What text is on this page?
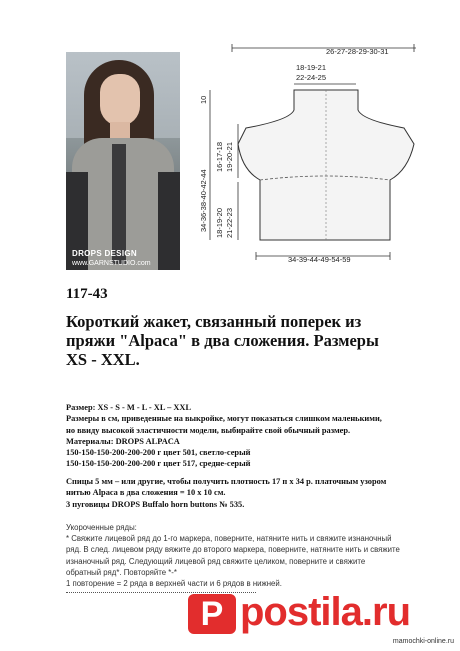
DROPS DESIGN
www.GARNSTUDIO.com
26-27-28-29-30-31
18-19-21
22-24-25
10
16-17-18 19-20-21
34-36-38-40-42-44 18-19-20 21-22-23
34-39-44-49-54-59
117-43
Короткий жакет, связанный поперек из
пряжи "Alpaca" в два сложения. Размеры
XS - XXL.
Размер: XS - S - M - L - XL – XXL
Размеры в см, приведенные на выкройке, могут показаться слишком маленькими,
но ввиду высокой эластичности модели, выбирайте свой обычный размер.
Материалы: DROPS ALPACA
150-150-150-200-200-200 г цвет 501, светло-серый
150-150-150-200-200-200 г цвет 517, средне-серый
Спицы 5 мм – или другие, чтобы получить плотность 17 п х 34 р. платочным узором
нитью Alpaca в два сложения = 10 х 10 см.
3 пуговицы DROPS Buffalo horn buttons № 535.
Укороченные ряды:
* Свяжите лицевой ряд до 1-го маркера, поверните, натяните нить и свяжите изнаночный
ряд. В след. лицевом ряду вяжите до второго маркера, поверните, натяните нить и свяжите
изнаночный ряд. Следующий лицевой ряд свяжите целиком, поверните и свяжите
обратный ряд*. Повторяйте *-*
1 повторение = 2 ряда в верхней части и 6 рядов в нижней.
P postila.ru
mamochki-online.ru
